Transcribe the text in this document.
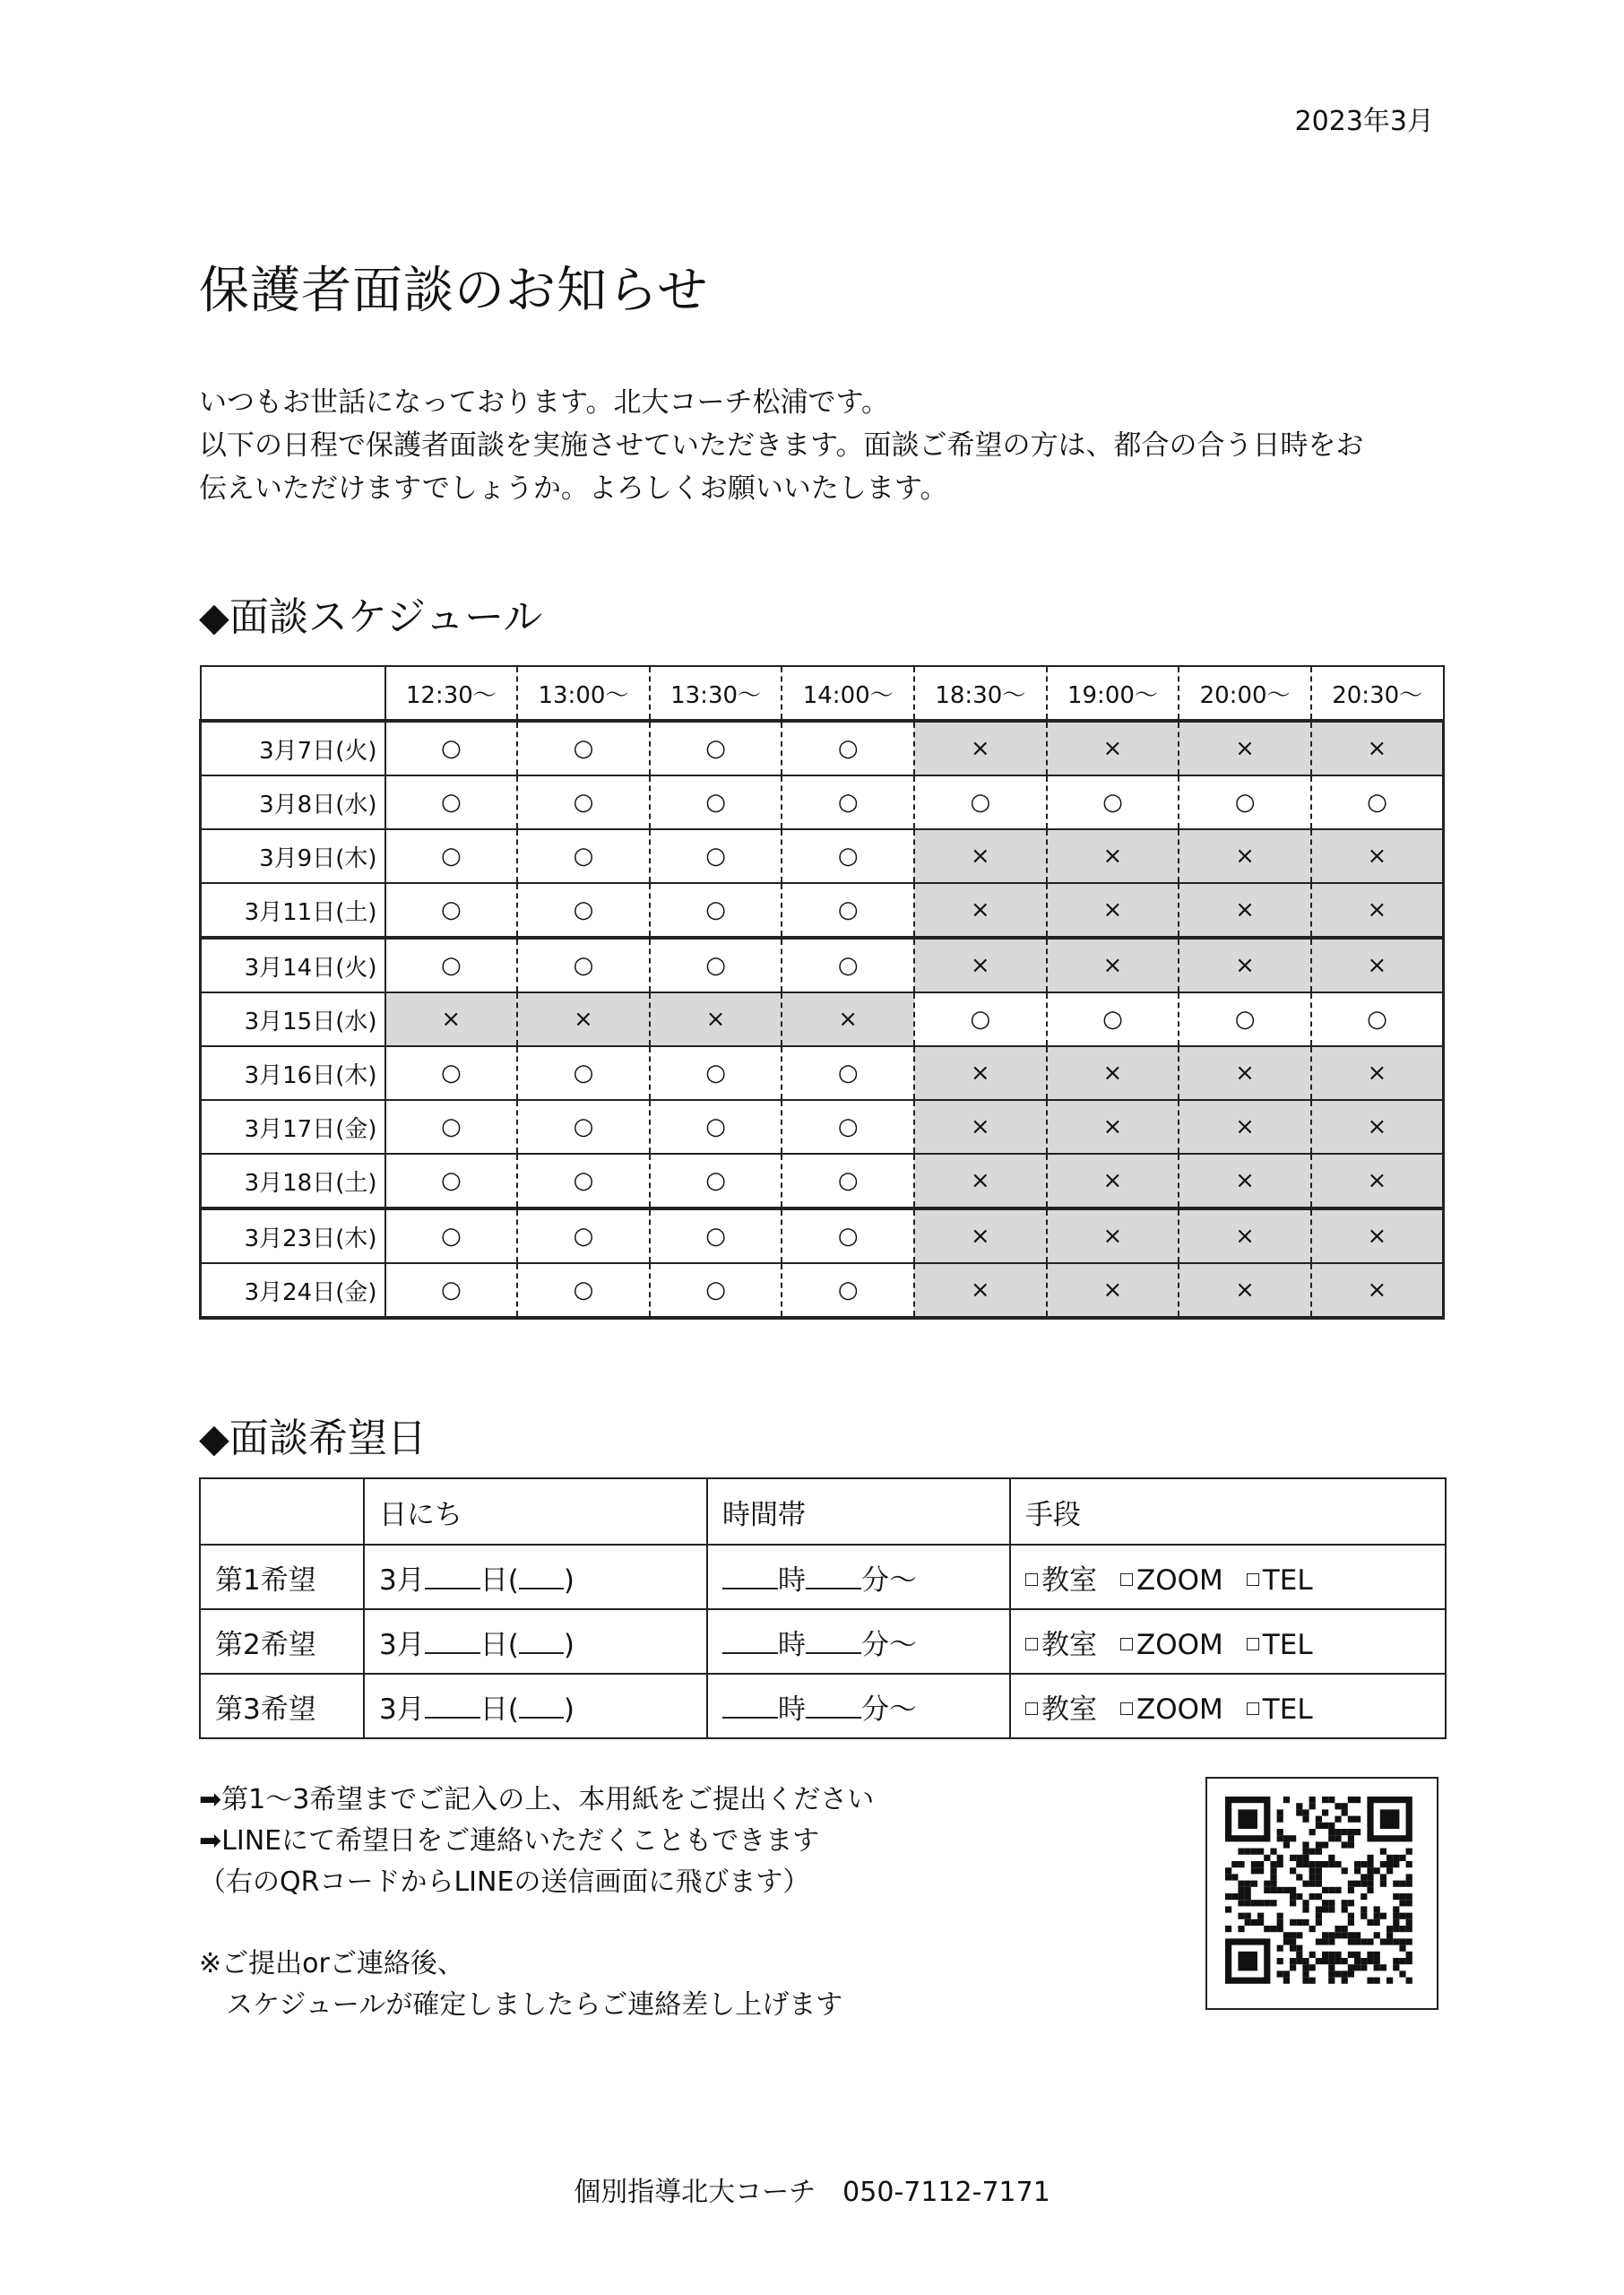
2023年3月
保護者面談のお知らせ
いつもお世話になっております。北大コーチ松浦です。
以下の日程で保護者面談を実施させていただきます。面談ご希望の方は、都合の合う日時をお
伝えいただけますでしょうか。よろしくお願いいたします。
◆面談スケジュール
	12:30～	13:00～	13:30～	14:00～	18:30～	19:00～	20:00～	20:30～
3月7日(火)	○	○	○	○	×	×	×	×
3月8日(水)	○	○	○	○	○	○	○	○
3月9日(木)	○	○	○	○	×	×	×	×
3月11日(土)	○	○	○	○	×	×	×	×
3月14日(火)	○	○	○	○	×	×	×	×
3月15日(水)	×	×	×	×	○	○	○	○
3月16日(木)	○	○	○	○	×	×	×	×
3月17日(金)	○	○	○	○	×	×	×	×
3月18日(土)	○	○	○	○	×	×	×	×
3月23日(木)	○	○	○	○	×	×	×	×
3月24日(金)	○	○	○	○	×	×	×	×
◆面談希望日
	日にち	時間帯	手段
第1希望	3月 日( )	時 分～	教室 ZOOM TEL
第2希望	3月 日( )	時 分～	教室 ZOOM TEL
第3希望	3月 日( )	時 分～	教室 ZOOM TEL
➡第1～3希望までご記入の上、本用紙をご提出ください
➡LINEにて希望日をご連絡いただくこともできます
（右のQRコードからLINEの送信画面に飛びます）
※ご提出orご連絡後、
　スケジュールが確定しましたらご連絡差し上げます
個別指導北大コーチ　050-7112-7171
